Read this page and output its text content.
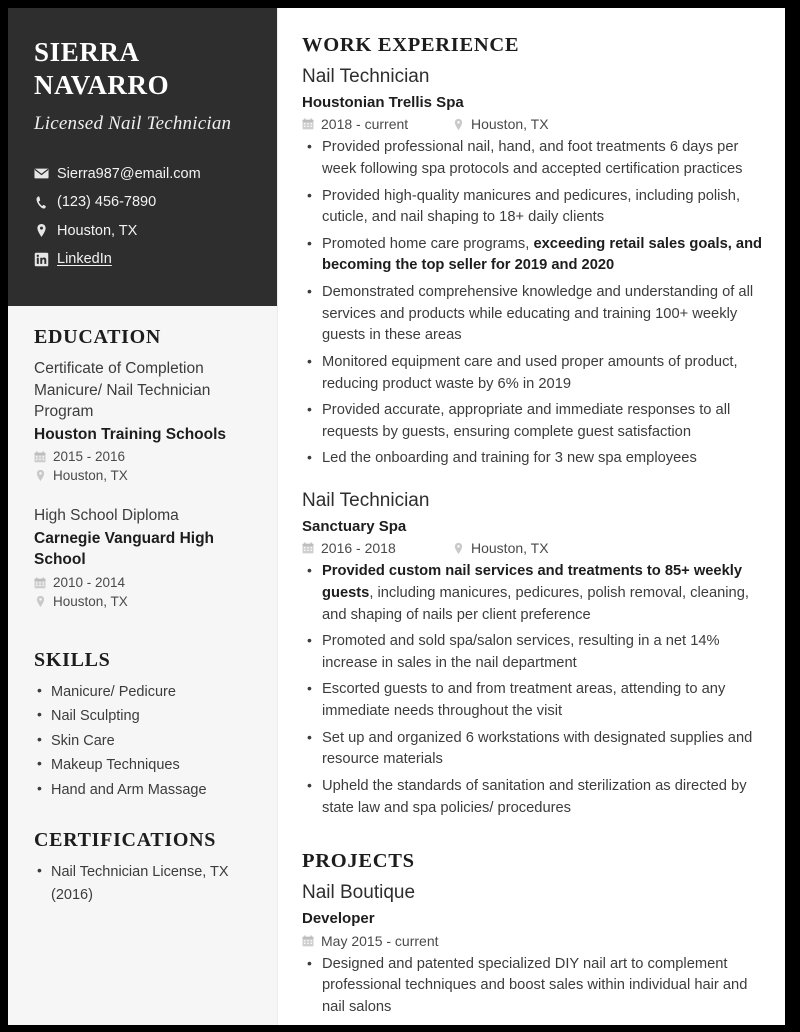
SIERRA NAVARRO
Licensed Nail Technician
Sierra987@email.com
(123) 456-7890
Houston, TX
LinkedIn
EDUCATION
Certificate of Completion
Manicure/ Nail Technician Program
Houston Training Schools
2015 - 2016
Houston, TX
High School Diploma
Carnegie Vanguard High School
2010 - 2014
Houston, TX
SKILLS
• Manicure/ Pedicure
• Nail Sculpting
• Skin Care
• Makeup Techniques
• Hand and Arm Massage
CERTIFICATIONS
• Nail Technician License, TX (2016)
WORK EXPERIENCE
Nail Technician
Houstonian Trellis Spa
2018 - current	Houston, TX
• Provided professional nail, hand, and foot treatments 6 days per week following spa protocols and accepted certification practices
• Provided high-quality manicures and pedicures, including polish, cuticle, and nail shaping to 18+ daily clients
• Promoted home care programs, exceeding retail sales goals, and becoming the top seller for 2019 and 2020
• Demonstrated comprehensive knowledge and understanding of all services and products while educating and training 100+ weekly guests in these areas
• Monitored equipment care and used proper amounts of product, reducing product waste by 6% in 2019
• Provided accurate, appropriate and immediate responses to all requests by guests, ensuring complete guest satisfaction
• Led the onboarding and training for 3 new spa employees
Nail Technician
Sanctuary Spa
2016 - 2018	Houston, TX
• Provided custom nail services and treatments to 85+ weekly guests, including manicures, pedicures, polish removal, cleaning, and shaping of nails per client preference
• Promoted and sold spa/salon services, resulting in a net 14% increase in sales in the nail department
• Escorted guests to and from treatment areas, attending to any immediate needs throughout the visit
• Set up and organized 6 workstations with designated supplies and resource materials
• Upheld the standards of sanitation and sterilization as directed by state law and spa policies/ procedures
PROJECTS
Nail Boutique
Developer
May 2015 - current
• Designed and patented specialized DIY nail art to complement professional techniques and boost sales within individual hair and nail salons
